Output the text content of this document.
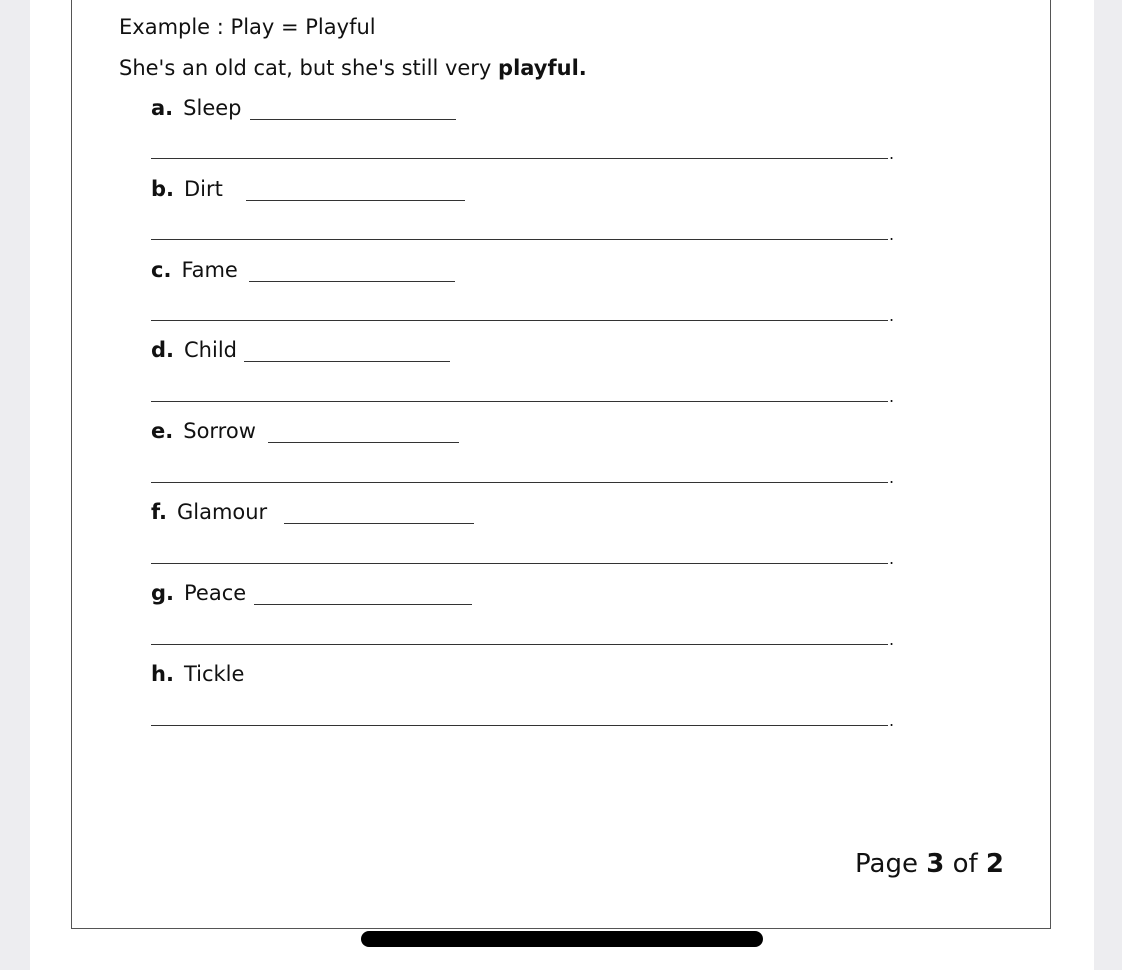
Example : Play = Playful
She's an old cat, but she's still very playful.
a. Sleep
.
b. Dirt
.
c. Fame
.
d. Child
.
e. Sorrow
.
f. Glamour
.
g. Peace
.
h. Tickle
.
Page 3 of 2
